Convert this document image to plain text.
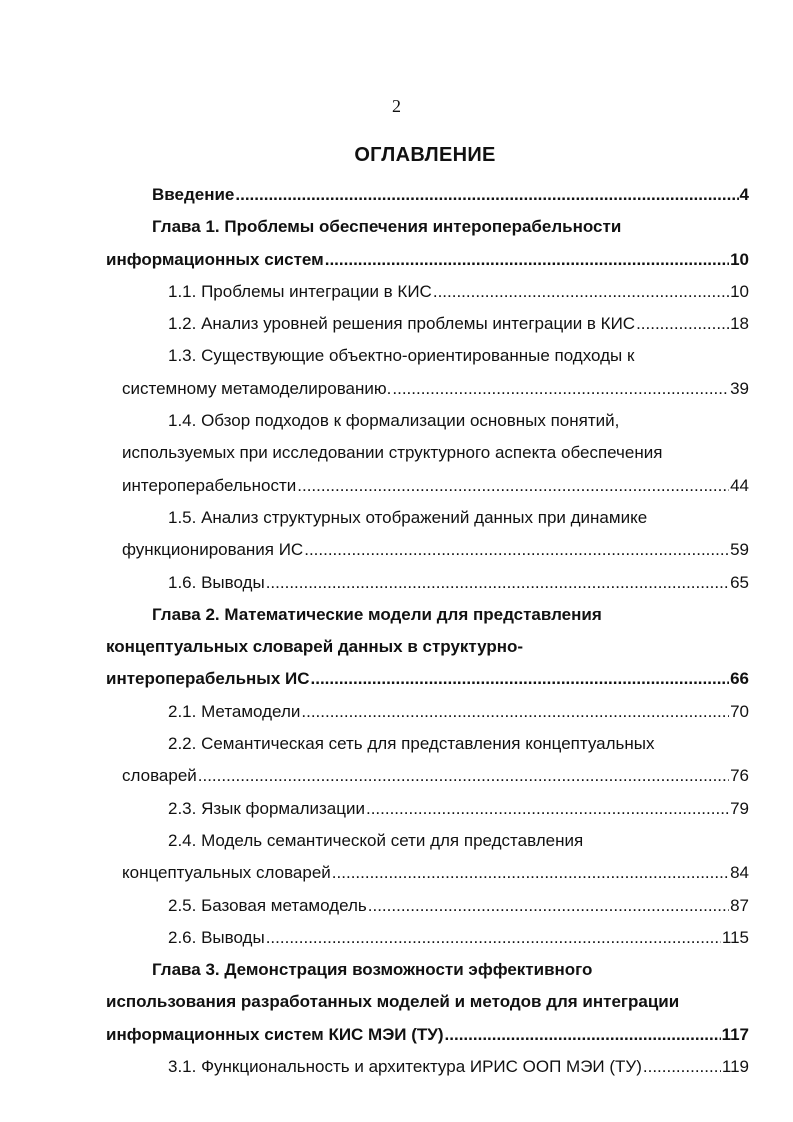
2
ОГЛАВЛЕНИЕ
Введение .....	4
Глава 1. Проблемы обеспечения интероперабельности
информационных систем .....	10
1.1. Проблемы интеграции в КИС .....	10
1.2. Анализ уровней решения проблемы интеграции в КИС .....	18
1.3. Существующие объектно-ориентированные подходы к
системному метамоделированию. .....	39
1.4. Обзор подходов к формализации основных понятий,
используемых при исследовании структурного аспекта обеспечения
интероперабельности .....	44
1.5. Анализ структурных отображений данных при динамике
функционирования ИС .....	59
1.6. Выводы .....	65
Глава 2. Математические модели для представления
концептуальных словарей данных в структурно-
интероперабельных ИС .....	66
2.1. Метамодели .....	70
2.2. Семантическая сеть для представления концептуальных
словарей .....	76
2.3. Язык формализации .....	79
2.4. Модель семантической сети для представления
концептуальных словарей .....	84
2.5. Базовая метамодель .....	87
2.6. Выводы .....	115
Глава 3. Демонстрация возможности эффективного
использования разработанных моделей и методов для интеграции
информационных систем КИС МЭИ (ТУ) .....	117
3.1. Функциональность и архитектура ИРИС ООП МЭИ (ТУ) .....	119
